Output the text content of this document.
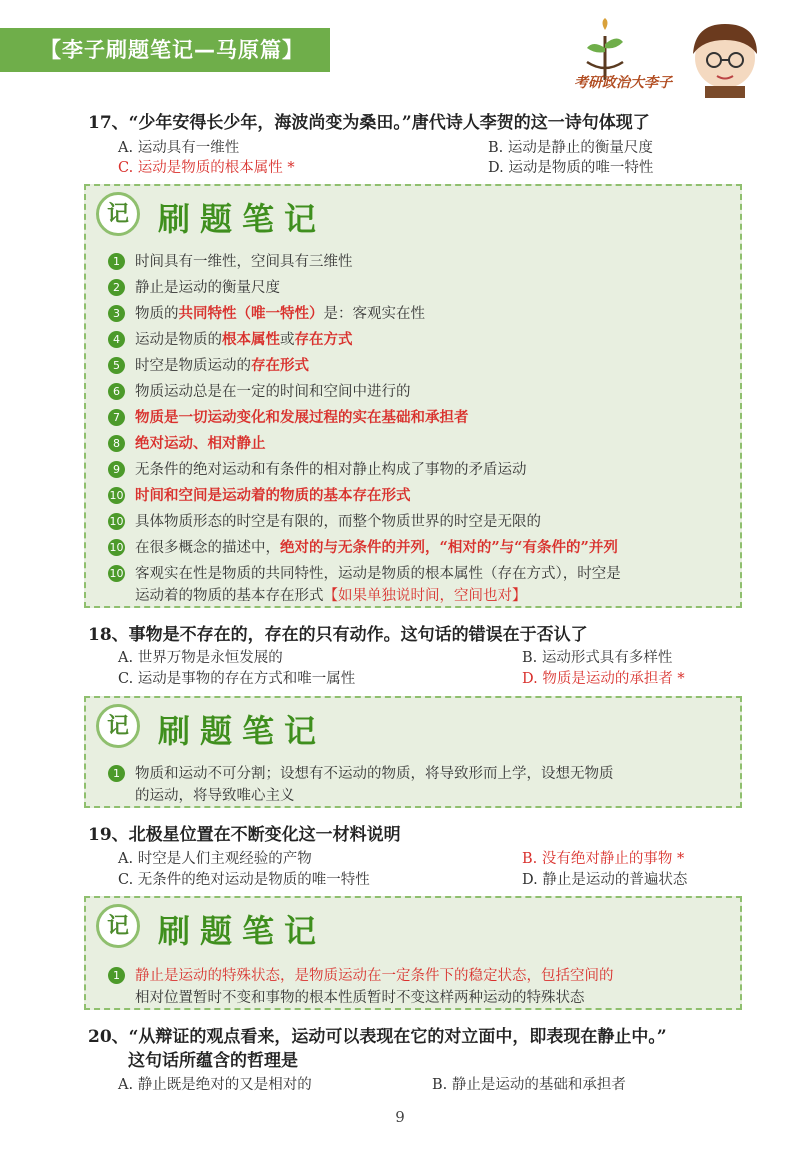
【李子刷题笔记—马原篇】
考研政治大李子
17、“少年安得长少年，海波尚变为桑田。”唐代诗人李贺的这一诗句体现了
A. 运动具有一维性	B. 运动是静止的衡量尺度
C. 运动是物质的根本属性 *	D. 运动是物质的唯一特性
记 刷题笔记
1 时间具有一维性，空间具有三维性
2 静止是运动的衡量尺度
3 物质的共同特性（唯一特性）是：客观实在性
4 运动是物质的根本属性或存在方式
5 时空是物质运动的存在形式
6 物质运动总是在一定的时间和空间中进行的
7 物质是一切运动变化和发展过程的实在基础和承担者
8 绝对运动、相对静止
9 无条件的绝对运动和有条件的相对静止构成了事物的矛盾运动
10 时间和空间是运动着的物质的基本存在形式
10 具体物质形态的时空是有限的，而整个物质世界的时空是无限的
10 在很多概念的描述中，绝对的与无条件的并列，“相对的”与“有条件的”并列
10 客观实在性是物质的共同特性，运动是物质的根本属性（存在方式），时空是
运动着的物质的基本存在形式【如果单独说时间，空间也对】
18、事物是不存在的，存在的只有动作。这句话的错误在于否认了
A. 世界万物是永恒发展的	B. 运动形式具有多样性
C. 运动是事物的存在方式和唯一属性	D. 物质是运动的承担者 *
记 刷题笔记
1 物质和运动不可分割；设想有不运动的物质，将导致形而上学，设想无物质
的运动，将导致唯心主义
19、北极星位置在不断变化这一材料说明
A. 时空是人们主观经验的产物	B. 没有绝对静止的事物 *
C. 无条件的绝对运动是物质的唯一特性	D. 静止是运动的普遍状态
记 刷题笔记
1 静止是运动的特殊状态，是物质运动在一定条件下的稳定状态，包括空间的
相对位置暂时不变和事物的根本性质暂时不变这样两种运动的特殊状态
20、“从辩证的观点看来，运动可以表现在它的对立面中，即表现在静止中。”
这句话所蕴含的哲理是
A. 静止既是绝对的又是相对的	B. 静止是运动的基础和承担者
9
